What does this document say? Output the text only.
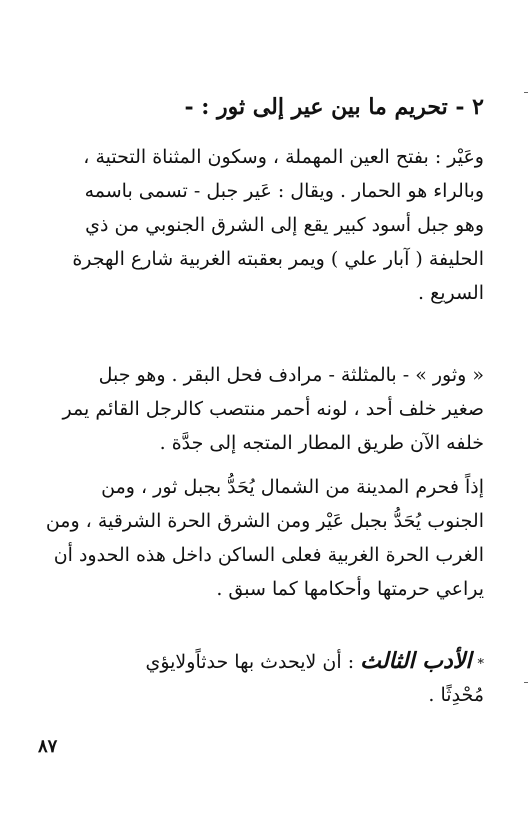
٢ - تحريم ما بين عير إلى ثور : -
وعَيْر : بفتح العين المهملة ، وسكون المثناة التحتية ،
وبالراء هو الحمار . ويقال : عَير جبل - تسمى باسمه
وهو جبل أسود كبير يقع إلى الشرق الجنوبي من ذي
الحليفة ( آبار علي ) ويمر بعقبته الغربية شارع الهجرة
السريع .
« وثور » - بالمثلثة - مرادف فحل البقر . وهو جبل
صغير خلف أحد ، لونه أحمر منتصب كالرجل القائم يمر
خلفه الآن طريق المطار المتجه إلى جدَّة .
إذاً فحرم المدينة من الشمال يُحَدُّ بجبل ثور ، ومن
الجنوب يُحَدُّ بجبل عَيْر ومن الشرق الحرة الشرقية ، ومن
الغرب الحرة الغربية فعلى الساكن داخل هذه الحدود أن
يراعي حرمتها وأحكامها كما سبق .
* الأدب الثالث : أن لايحدث بها حدثاًولايؤي
مُحْدِثًا .
٨٧
